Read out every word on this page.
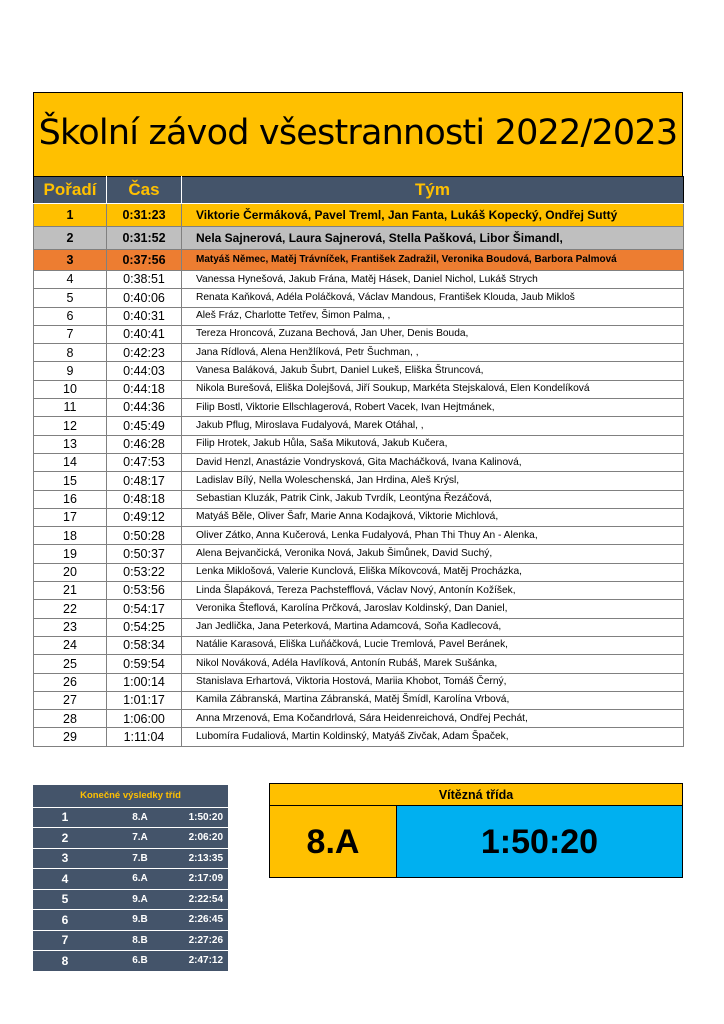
Školní závod všestrannosti 2022/2023
Pořadí	Čas	Tým
1	0:31:23	Viktorie Čermáková, Pavel Treml, Jan Fanta, Lukáš Kopecký, Ondřej Suttý
2	0:31:52	Nela Sajnerová, Laura Sajnerová, Stella Pašková, Libor Šimandl,
3	0:37:56	Matyáš Němec, Matěj Trávníček, František Zadražil, Veronika Boudová, Barbora Palmová
4	0:38:51	Vanessa Hynešová, Jakub Frána, Matěj Hásek, Daniel Nichol, Lukáš Strych
5	0:40:06	Renata Kaňková, Adéla Poláčková, Václav Mandous, František Klouda, Jaub Mikloš
6	0:40:31	Aleš Fráz, Charlotte Tetřev, Šimon Palma, ,
7	0:40:41	Tereza Hroncová, Zuzana Bechová, Jan Uher, Denis Bouda,
8	0:42:23	Jana Rídlová, Alena Henžlíková, Petr Šuchman, ,
9	0:44:03	Vanesa Baláková, Jakub Šubrt, Daniel Lukeš, Eliška Štruncová,
10	0:44:18	Nikola Burešová, Eliška Dolejšová, Jiří Soukup, Markéta Stejskalová, Elen Kondelíková
11	0:44:36	Filip Bostl, Viktorie Ellschlagerová, Robert Vacek, Ivan Hejtmánek,
12	0:45:49	Jakub Pflug, Miroslava Fudalyová, Marek Otáhal, ,
13	0:46:28	Filip Hrotek, Jakub Hůla, Saša Mikutová, Jakub Kučera,
14	0:47:53	David Henzl, Anastázie Vondrysková, Gita Macháčková, Ivana Kalinová,
15	0:48:17	Ladislav Bílý, Nella Woleschenská, Jan Hrdina, Aleš Krýsl,
16	0:48:18	Sebastian Kluzák, Patrik Cink, Jakub Tvrdík, Leontýna Řezáčová,
17	0:49:12	Matyáš Běle, Oliver Šafr, Marie Anna Kodajková, Viktorie Michlová,
18	0:50:28	Oliver Zátko, Anna Kučerová, Lenka Fudalyová, Phan Thi Thuy An - Alenka,
19	0:50:37	Alena Bejvančická, Veronika Nová, Jakub Šimůnek, David Suchý,
20	0:53:22	Lenka Miklošová, Valerie Kunclová, Eliška Míkovcová, Matěj Procházka,
21	0:53:56	Linda Šlapáková, Tereza Pachstefflová, Václav Nový, Antonín Kožíšek,
22	0:54:17	Veronika Šteflová, Karolína Prčková, Jaroslav Koldinský, Dan Daniel,
23	0:54:25	Jan Jedlička, Jana Peterková, Martina Adamcová, Soňa Kadlecová,
24	0:58:34	Natálie Karasová, Eliška Luňáčková, Lucie Tremlová, Pavel Beránek,
25	0:59:54	Nikol Nováková, Adéla Havlíková, Antonín Rubáš, Marek Sušánka,
26	1:00:14	Stanislava Erhartová, Viktoria Hostová, Mariia Khobot, Tomáš Černý,
27	1:01:17	Kamila Zábranská, Martina Zábranská, Matěj Šmídl, Karolína Vrbová,
28	1:06:00	Anna Mrzenová, Ema Kočandrlová, Sára Heidenreichová, Ondřej Pechát,
29	1:11:04	Lubomíra Fudaliová, Martin Koldinský, Matyáš Zivčak, Adam Špaček,
Konečné výsledky tříd		
1	8.A	1:50:20
2	7.A	2:06:20
3	7.B	2:13:35
4	6.A	2:17:09
5	9.A	2:22:54
6	9.B	2:26:45
7	8.B	2:27:26
8	6.B	2:47:12
Vítězná třída
8.A	1:50:20
